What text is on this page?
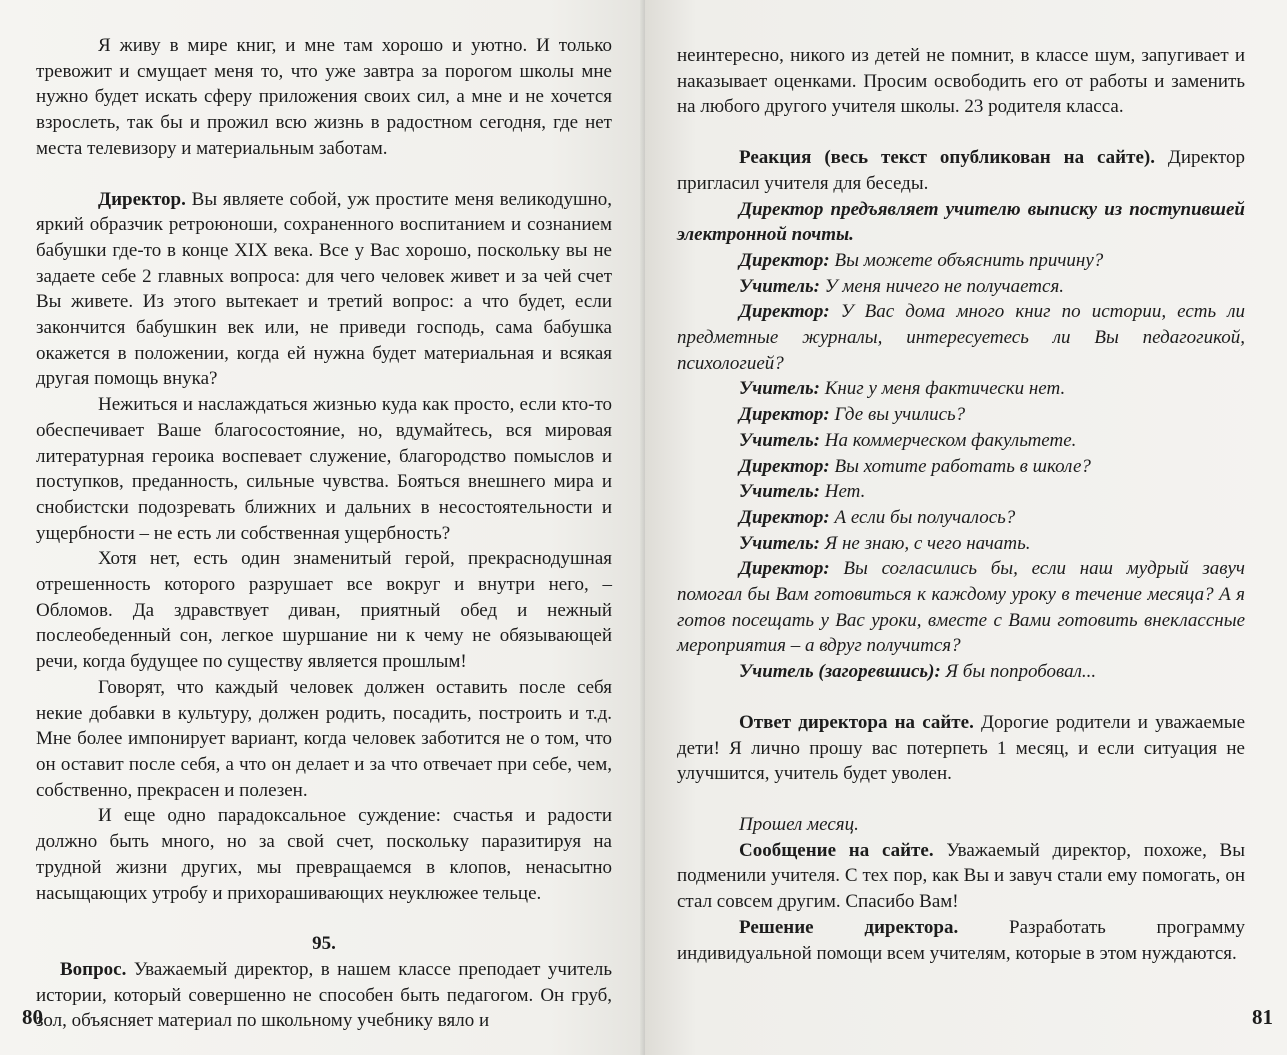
Я живу в мире книг, и мне там хорошо и уютно. И только тревожит и смущает меня то, что уже завтра за порогом школы мне нужно будет искать сферу приложения своих сил, а мне и не хочется взрослеть, так бы и прожил всю жизнь в радостном сегодня, где нет места телевизору и материальным заботам.

Директор. Вы являете собой, уж простите меня великодушно, яркий образчик ретроюноши, сохраненного воспитанием и сознанием бабушки где-то в конце XIX века. Все у Вас хорошо, поскольку вы не задаете себе 2 главных вопроса: для чего человек живет и за чей счет Вы живете. Из этого вытекает и третий вопрос: а что будет, если закончится бабушкин век или, не приведи господь, сама бабушка окажется в положении, когда ей нужна будет материальная и всякая другая помощь внука?

Нежиться и наслаждаться жизнью куда как просто, если кто-то обеспечивает Ваше благосостояние, но, вдумайтесь, вся мировая литературная героика воспевает служение, благородство помыслов и поступков, преданность, сильные чувства. Бояться внешнего мира и снобистски подозревать ближних и дальних в несостоятельности и ущербности – не есть ли собственная ущербность?

Хотя нет, есть один знаменитый герой, прекраснодушная отрешенность которого разрушает все вокруг и внутри него, – Обломов. Да здравствует диван, приятный обед и нежный послеобеденный сон, легкое шуршание ни к чему не обязывающей речи, когда будущее по существу является прошлым!

Говорят, что каждый человек должен оставить после себя некие добавки в культуру, должен родить, посадить, построить и т.д. Мне более импонирует вариант, когда человек заботится не о том, что он оставит после себя, а что он делает и за что отвечает при себе, чем, собственно, прекрасен и полезен.

И еще одно парадоксальное суждение: счастья и радости должно быть много, но за свой счет, поскольку паразитируя на трудной жизни других, мы превращаемся в клопов, ненасытно насыщающих утробу и прихорашивающих неуклюжее тельце.

95.

Вопрос. Уважаемый директор, в нашем классе преподает учитель истории, который совершенно не способен быть педагогом. Он груб, зол, объясняет материал по школьному учебнику вяло и

80

неинтересно, никого из детей не помнит, в классе шум, запугивает и наказывает оценками. Просим освободить его от работы и заменить на любого другого учителя школы. 23 родителя класса.

Реакция (весь текст опубликован на сайте). Директор пригласил учителя для беседы.

Директор предъявляет учителю выписку из поступившей электронной почты.

Директор: Вы можете объяснить причину?

Учитель: У меня ничего не получается.

Директор: У Вас дома много книг по истории, есть ли предметные журналы, интересуетесь ли Вы педагогикой, психологией?

Учитель: Книг у меня фактически нет.

Директор: Где вы учились?

Учитель: На коммерческом факультете.

Директор: Вы хотите работать в школе?

Учитель: Нет.

Директор: А если бы получалось?

Учитель: Я не знаю, с чего начать.

Директор: Вы согласились бы, если наш мудрый завуч помогал бы Вам готовиться к каждому уроку в течение месяца? А я готов посещать у Вас уроки, вместе с Вами готовить внеклассные мероприятия – а вдруг получится?

Учитель (загоревшись): Я бы попробовал...

Ответ директора на сайте. Дорогие родители и уважаемые дети! Я лично прошу вас потерпеть 1 месяц, и если ситуация не улучшится, учитель будет уволен.

Прошел месяц.

Сообщение на сайте. Уважаемый директор, похоже, Вы подменили учителя. С тех пор, как Вы и завуч стали ему помогать, он стал совсем другим. Спасибо Вам!

Решение директора.	Разработать программу индивидуальной помощи всем учителям, которые в этом нуждаются.

81
